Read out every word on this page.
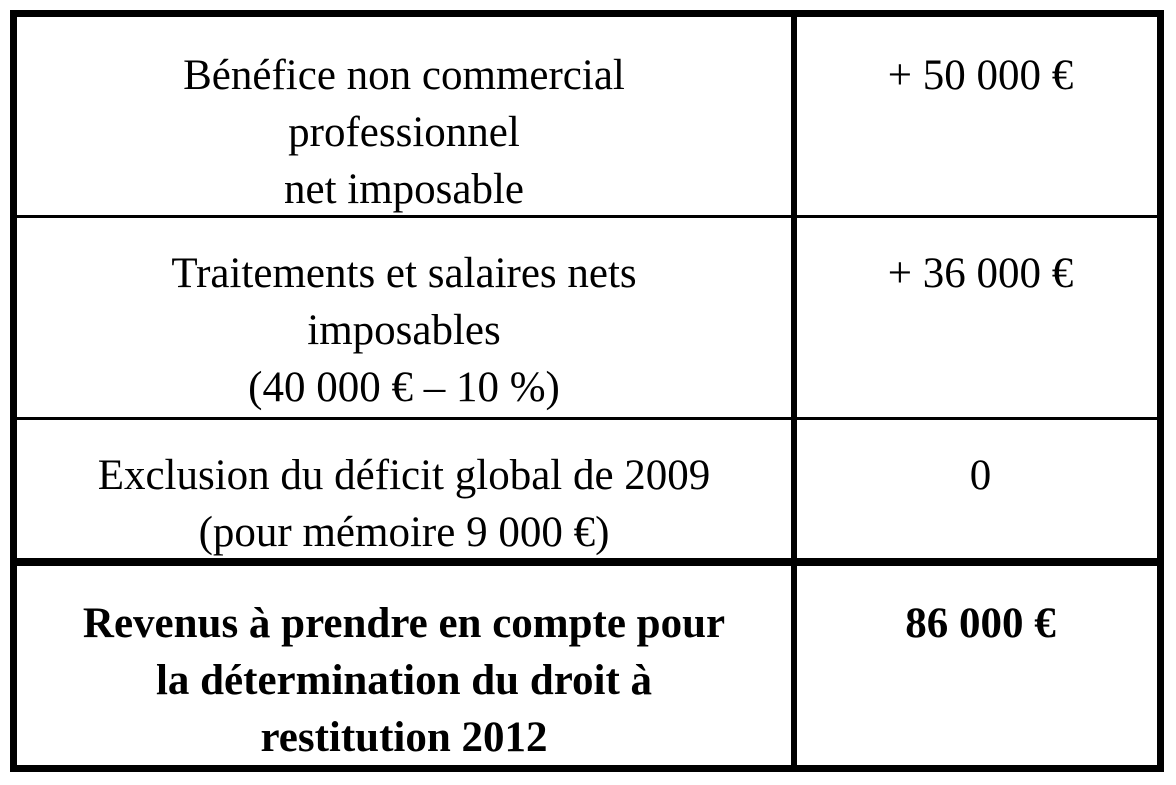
Bénéfice non commercial
professionnel
net imposable
+ 50 000 €
Traitements et salaires nets
imposables
(40 000 € – 10 %)
+ 36 000 €
Exclusion du déficit global de 2009
(pour mémoire 9 000 €)
0
Revenus à prendre en compte pour
la détermination du droit à
restitution 2012
86 000 €
